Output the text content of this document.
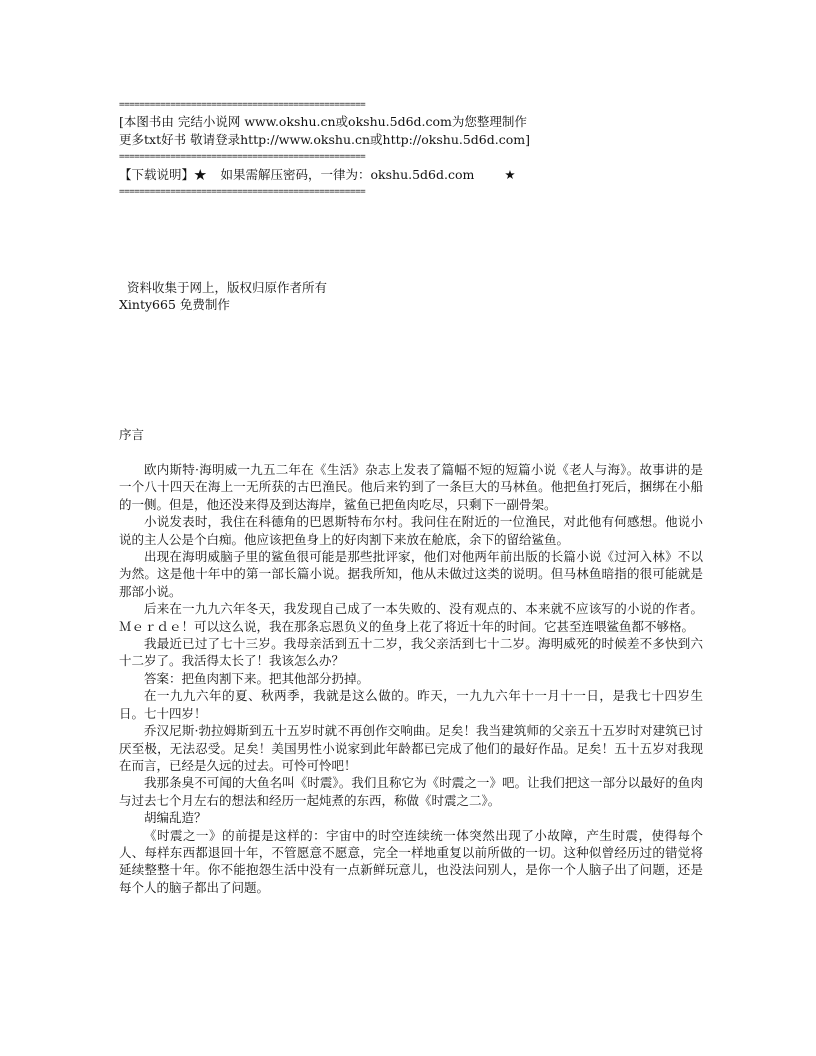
================================================
[本图书由 完结小说网 www.okshu.cn或okshu.5d6d.com为您整理制作
更多txt好书 敬请登录http://www.okshu.cn或http://okshu.5d6d.com]
================================================
【下载说明】★ 如果需解压密码，一律为：okshu.5d6d.com ★
================================================
资料收集于网上，版权归原作者所有
Xinty665 免费制作

序言

欧内斯特·海明威一九五二年在《生活》杂志上发表了篇幅不短的短篇小说《老人与海》。故事讲的是一个八十四天在海上一无所获的古巴渔民。他后来钓到了一条巨大的马林鱼。他把鱼打死后，捆绑在小船的一侧。但是，他还没来得及到达海岸，鲨鱼已把鱼肉吃尽，只剩下一副骨架。

小说发表时，我住在科德角的巴恩斯特布尔村。我问住在附近的一位渔民，对此他有何感想。他说小说的主人公是个白痴。他应该把鱼身上的好肉割下来放在舱底，余下的留给鲨鱼。

出现在海明威脑子里的鲨鱼很可能是那些批评家，他们对他两年前出版的长篇小说《过河入林》不以为然。这是他十年中的第一部长篇小说。据我所知，他从未做过这类的说明。但马林鱼暗指的很可能就是那部小说。

后来在一九九六年冬天，我发现自己成了一本失败的、没有观点的、本来就不应该写的小说的作者。Ｍｅｒｄｅ！可以这么说，我在那条忘恩负义的鱼身上花了将近十年的时间。它甚至连喂鲨鱼都不够格。

我最近已过了七十三岁。我母亲活到五十二岁，我父亲活到七十二岁。海明威死的时候差不多快到六十二岁了。我活得太长了！我该怎么办？

答案：把鱼肉割下来。把其他部分扔掉。

在一九九六年的夏、秋两季，我就是这么做的。昨天，一九九六年十一月十一日，是我七十四岁生日。七十四岁！

乔汉尼斯·勃拉姆斯到五十五岁时就不再创作交响曲。足矣！我当建筑师的父亲五十五岁时对建筑已讨厌至极，无法忍受。足矣！美国男性小说家到此年龄都已完成了他们的最好作品。足矣！五十五岁对我现在而言，已经是久远的过去。可怜可怜吧！

我那条臭不可闻的大鱼名叫《时震》。我们且称它为《时震之一》吧。让我们把这一部分以最好的鱼肉与过去七个月左右的想法和经历一起炖煮的东西，称做《时震之二》。

胡编乱造？

《时震之一》的前提是这样的：宇宙中的时空连续统一体突然出现了小故障，产生时震，使得每个人、每样东西都退回十年，不管愿意不愿意，完全一样地重复以前所做的一切。这种似曾经历过的错觉将延续整整十年。你不能抱怨生活中没有一点新鲜玩意儿，也没法问别人，是你一个人脑子出了问题，还是每个人的脑子都出了问题。
